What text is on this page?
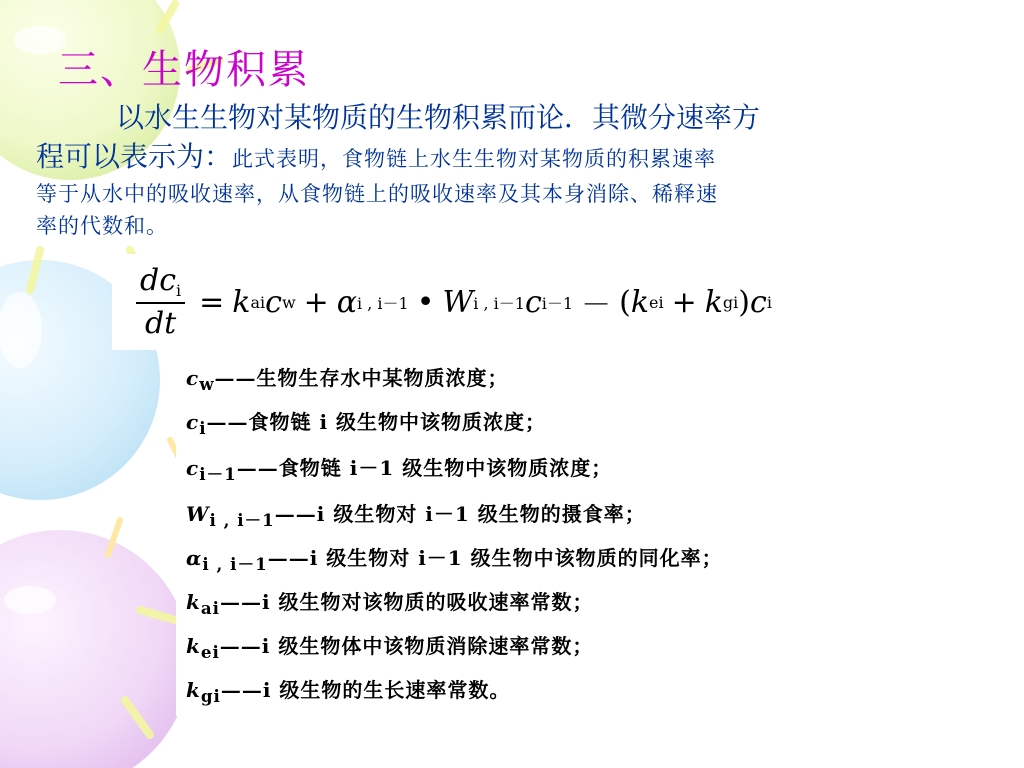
三、生物积累
以水生生物对某物质的生物积累而论．其微分速率方
程可以表示为：此式表明，食物链上水生生物对某物质的积累速率
等于从水中的吸收速率，从食物链上的吸收速率及其本身消除、稀释速
率的代数和。
$\frac{dc_i}{dt} = k$ ai c w + α i , i－1 • W i , i－1 c i－1 － ( k ei + k gi ) c i
$c_w——$生物生存水中某物质浓度；
$c_i——$食物链 i 级生物中该物质浓度；
$c_{i-1}——$食物链 i－1 级生物中该物质浓度；
$W_{i , i-1}——i$ 级生物对 i－1 级生物的摄食率；
$\alpha_{i , i-1}——i$ 级生物对 i－1 级生物中该物质的同化率；
$k_{ai}——i$ 级生物对该物质的吸收速率常数；
$k_{ei}——i$ 级生物体中该物质消除速率常数；
$k_{gi}——i$ 级生物的生长速率常数。
